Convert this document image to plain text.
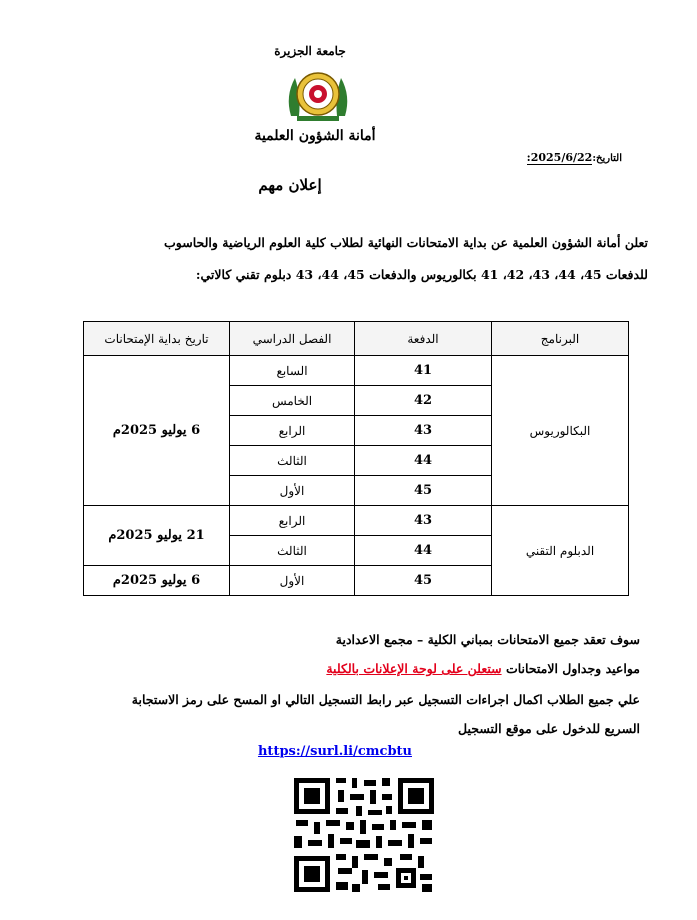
جامعة الجزيرة
أمانة الشؤون العلمية
التاريخ:2025/6/22:
إعلان مهم
تعلن أمانة الشؤون العلمية عن بداية الامتحانات النهائية لطلاب كلية العلوم الرياضية والحاسوب
للدفعات 45، 44، 43، 42، 41 بكالوريوس والدفعات 45، 44، 43 دبلوم تقني كالاتي:
البرنامج	الدفعة	الفصل الدراسي	تاريخ بداية الإمتحانات
البكالوريوس	41	السابع	6 يوليو 2025م
	42	الخامس	
	43	الرابع	
	44	الثالث	
	45	الأول	
الدبلوم التقني	43	الرابع	21 يوليو 2025م
	44	الثالث	
	45	الأول	6 يوليو 2025م
سوف تعقد جميع الامتحانات بمباني الكلية – مجمع الاعدادية
مواعيد وجداول الامتحانات ستعلن على لوحة الإعلانات بالكلية
علي جميع الطلاب اكمال اجراءات التسجيل عبر رابط التسجيل التالي او المسح على رمز الاستجابة
السريع للدخول على موقع التسجيل
https://surl.li/cmcbtu
